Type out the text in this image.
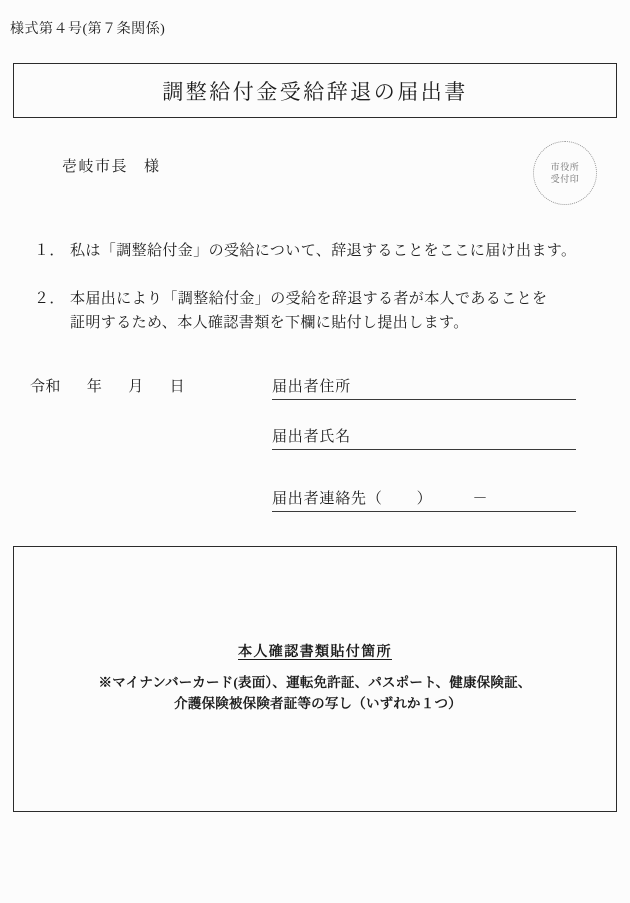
様式第４号(第７条関係)
調整給付金受給辞退の届出書
壱岐市長 様	市役所
受付印
１． 私は「調整給付金」の受給について、辞退することをここに届け出ます。
２． 本届出により「調整給付金」の受給を辞退する者が本人であることを
証明するため、本人確認書類を下欄に貼付し提出します。
令和 年 月 日	届出者住所
届出者氏名
届出者連絡先（ ）	－
本人確認書類貼付箇所
※マイナンバーカード(表面）、運転免許証、パスポート、健康保険証、
介護保険被保険者証等の写し（いずれか１つ）
